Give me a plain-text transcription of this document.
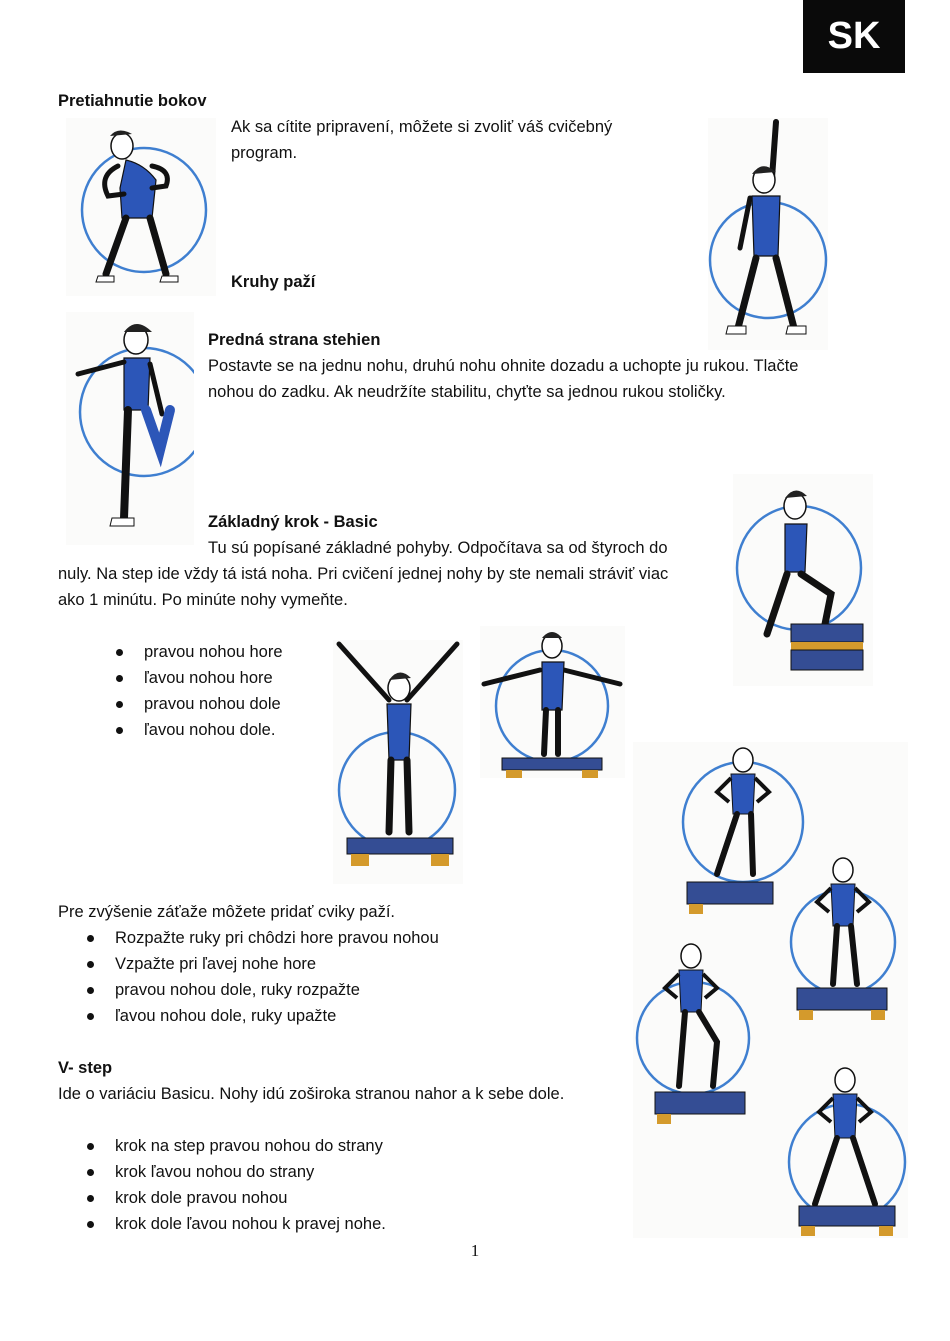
SK
Pretiahnutie bokov
Ak sa cítite pripravení, môžete si zvoliť váš cvičebný
program.
Kruhy paží
Predná strana stehien
Postavte se na jednu nohu, druhú nohu ohnite dozadu a uchopte ju rukou. Tlačte
nohou do zadku. Ak neudržíte stabilitu, chyťte sa jednou rukou stoličky.
Základný krok - Basic
Tu sú popísané základné pohyby. Odpočítava sa od štyroch do
nuly. Na step ide vždy tá istá noha. Pri cvičení jednej nohy by ste nemali stráviť viac
ako 1 minútu. Po minúte nohy vymeňte.
pravou nohou hore
ľavou nohou hore
pravou nohou dole
ľavou nohou dole.
Pre zvýšenie záťaže môžete pridať cviky paží.
Rozpažte ruky pri chôdzi hore pravou nohou
Vzpažte pri ľavej nohe hore
pravou nohou dole, ruky rozpažte
ľavou nohou dole, ruky upažte
V- step
Ide o variáciu Basicu. Nohy idú zoširoka stranou nahor a k sebe dole.
krok na step pravou nohou do strany
krok ľavou nohou do strany
krok dole pravou nohou
krok dole ľavou nohou k pravej nohe.
1
